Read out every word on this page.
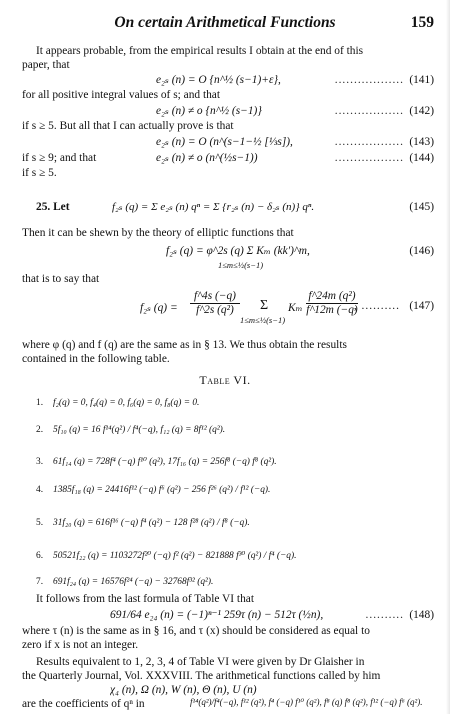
On certain Arithmetical Functions	159
It appears probable, from the empirical results I obtain at the end of this
paper, that
e₂ₛ (n) = O {n^½ (s−1)+ε},	.................. (141)
for all positive integral values of s; and that
e₂ₛ (n) ≠ o {n^½ (s−1)}	.................. (142)
if s ≥ 5. But all that I can actually prove is that
e₂ₛ (n) = O (n^(s−1−½ [⅓s]),	.................. (143)
if s ≥ 9; and that	e₂ₛ (n) ≠ o (n^(½s−1))	.................. (144)
if s ≥ 5.
25. Let	f₂ₛ (q) = Σ e₂ₛ (n) qⁿ = Σ {r₂ₛ (n) − δ₂ₛ (n)} qⁿ.	(145)
Then it can be shewn by the theory of elliptic functions that
f₂ₛ (q) = φ^2s (q) Σ Kₘ (kk′)^m,	(146)
1≤m≤½(s−1)
that is to say that
f₂ₛ $(q) = \frac{f\^{}4s (-q)}{\text{f\textasciicircum{}2s (q²)}}$ Σ
1≤m≤½(s−1)
Kₘ $\frac{\text{f\textasciicircum{}24m (q²)}}{f\^{}12m (-q)}$
, .......... (147)
where φ (q) and f (q) are the same as in § 13. We thus obtain the results
contained in the following table.
Table VI.
1. f₂(q) = 0, f₄(q) = 0, f₆(q) = 0, f₈(q) = 0.
2. 5f₁₀ (q) = 16 f¹⁴(q²) / f⁴(−q), f₁₂ (q) = 8f¹² (q²).
3. 61f₁₄ (q) = 728f⁴ (−q) f¹⁰ (q²), 17f₁₆ (q) = 256f⁸ (−q) f⁸ (q²).
4. 1385f₁₈ (q) = 24416f¹² (−q) f⁶ (q²) − 256 f²⁶ (q²) / f¹² (−q).
5. 31f₂₀ (q) = 616f¹⁶ (−q) f⁴ (q²) − 128 f²⁸ (q²) / f⁸ (−q).
6. 50521f₂₂ (q) = 1103272f²⁰ (−q) f² (q²) − 821888 f³⁰ (q²) / f⁴ (−q).
7. 691f₂₄ (q) = 16576f²⁴ (−q) − 32768f³² (q²).
It follows from the last formula of Table VI that
691/64 e₂₄ (n) = (−1)ⁿ⁻¹ 259τ (n) − 512τ (½n),	.......... (148)
where τ (n) is the same as in § 16, and τ (x) should be considered as equal to
zero if x is not an integer.
Results equivalent to 1, 2, 3, 4 of Table VI were given by Dr Glaisher in
the Quarterly Journal, Vol. XXXVIII. The arithmetical functions called by him
χ₄ (n), Ω (n), W (n), Θ (n), U (n)
are the coefficients of qⁿ in	f¹⁴(q²)/f⁴(−q), f¹² (q²), f⁴ (−q) f¹⁰ (q²), f⁸ (q) f⁸ (q²), f¹² (−q) f⁶ (q²).
